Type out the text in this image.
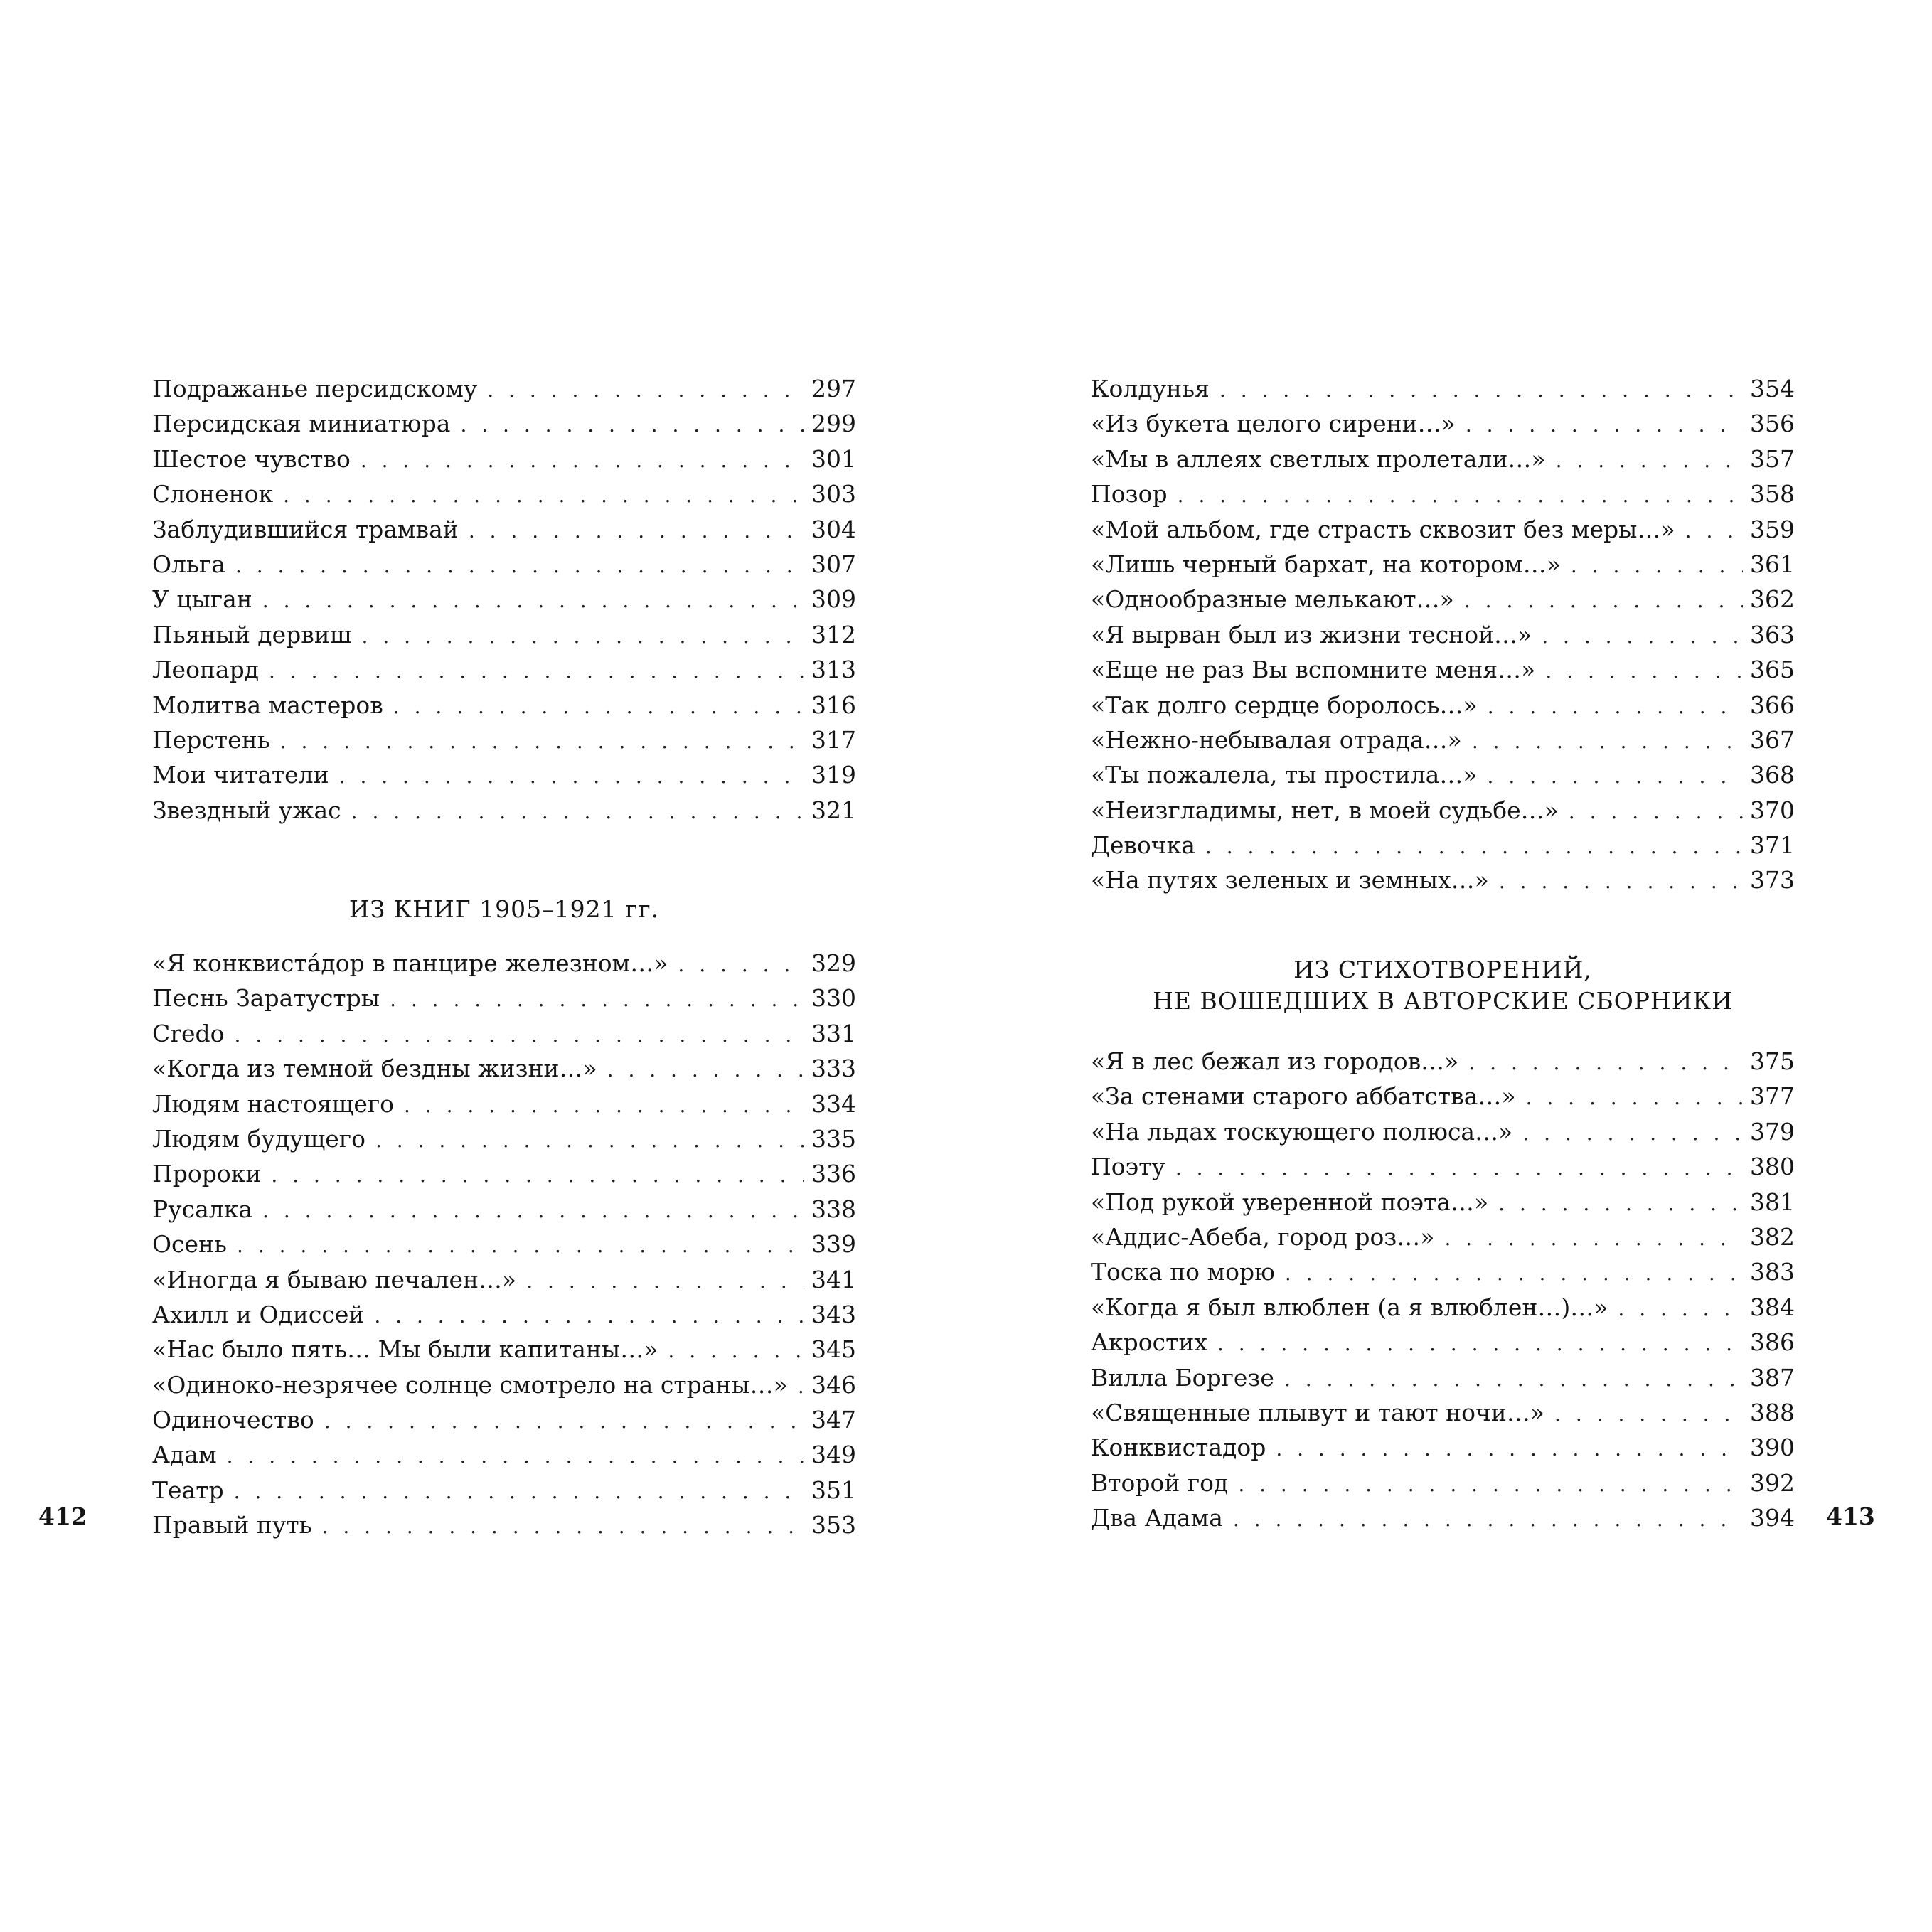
Подражанье персидскому . . .	297
Персидская миниатюра . . .	299
Шестое чувство . . .	301
Слоненок . . .	303
Заблудившийся трамвай . . .	304
Ольга . . .	307
У цыган . . .	309
Пьяный дервиш . . .	312
Леопард . . .	313
Молитва мастеров . . .	316
Перстень . . .	317
Мои читатели . . .	319
Звездный ужас . . .	321
ИЗ КНИГ 1905–1921 гг.
«Я конквиста́дор в панцире железном…» . . .	329
Песнь Заратустры . . .	330
Credo . . .	331
«Когда из темной бездны жизни…» . . .	333
Людям настоящего . . .	334
Людям будущего . . .	335
Пророки . . .	336
Русалка . . .	338
Осень . . .	339
«Иногда я бываю печален…» . . .	341
Ахилл и Одиссей . . .	343
«Нас было пять… Мы были капитаны…» . . .	345
«Одиноко-незрячее солнце смотрело на страны…» . . . 346
Одиночество . . .	347
Адам . . .	349
Театр . . .	351
Правый путь . . .	353
412
Колдунья . . .	354
«Из букета целого сирени…» . . .	356
«Мы в аллеях светлых пролетали…» . . .	357
Позор . . .	358
«Мой альбом, где страсть сквозит без меры…» . . .	359
«Лишь черный бархат, на котором…» . . .	361
«Однообразные мелькают…» . . .	362
«Я вырван был из жизни тесной…» . . .	363
«Еще не раз Вы вспомните меня…» . . .	365
«Так долго сердце боролось…» . . .	366
«Нежно-небывалая отрада…» . . .	367
«Ты пожалела, ты простила…» . . .	368
«Неизгладимы, нет, в моей судьбе…» . . .	370
Девочка . . .	371
«На путях зеленых и земных…» . . .	373
ИЗ СТИХОТВОРЕНИЙ,
НЕ ВОШЕДШИХ В АВТОРСКИЕ СБОРНИКИ
«Я в лес бежал из городов…» . . .	375
«За стенами старого аббатства…» . . .	377
«На льдах тоскующего полюса…» . . .	379
Поэту . . .	380
«Под рукой уверенной поэта…» . . .	381
«Аддис-Абеба, город роз…» . . .	382
Тоска по морю . . .	383
«Когда я был влюблен (а я влюблен…)…» . . .	384
Акростих . . .	386
Вилла Боргезе . . .	387
«Священные плывут и тают ночи…» . . .	388
Конквистадор . . .	390
Второй год . . .	392
Два Адама . . .	394 413
